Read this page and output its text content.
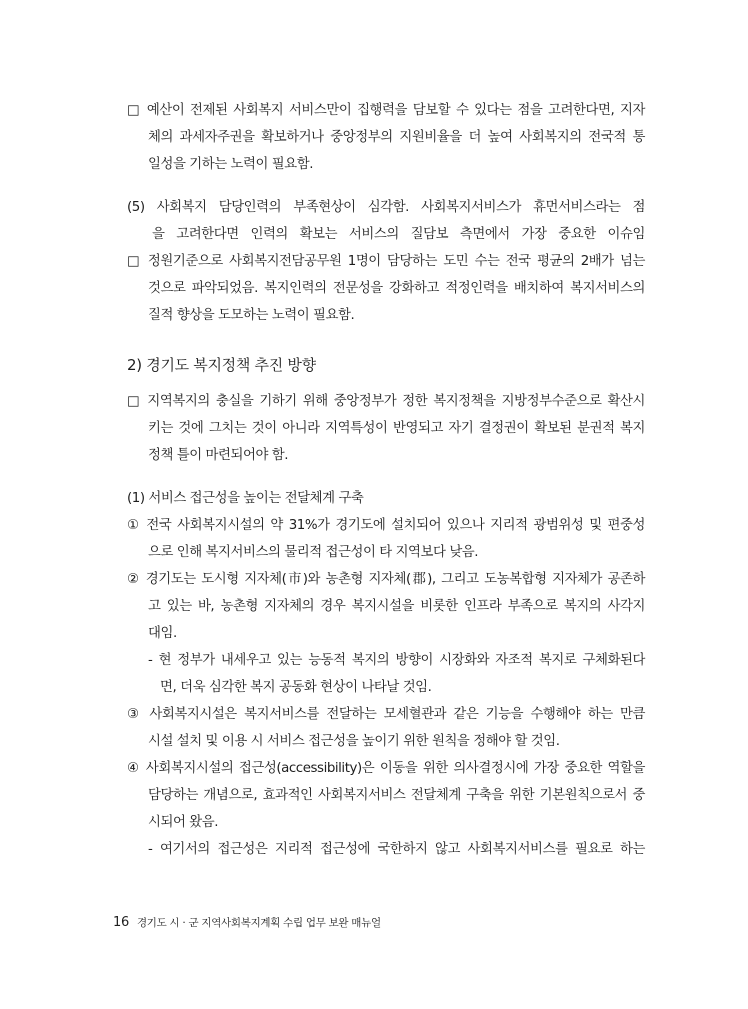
□ 예산이 전제된 사회복지 서비스만이 집행력을 담보할 수 있다는 점을 고려한다면, 지자
체의 과세자주권을 확보하거나 중앙정부의 지원비율을 더 높여 사회복지의 전국적 통
일성을 기하는 노력이 필요함.
(5) 사회복지 담당인력의 부족현상이 심각함. 사회복지서비스가 휴먼서비스라는 점
을 고려한다면 인력의 확보는 서비스의 질담보 측면에서 가장 중요한 이슈임
□ 정원기준으로 사회복지전담공무원 1명이 담당하는 도민 수는 전국 평균의 2배가 넘는
것으로 파악되었음. 복지인력의 전문성을 강화하고 적정인력을 배치하여 복지서비스의
질적 향상을 도모하는 노력이 필요함.
2) 경기도 복지정책 추진 방향
□ 지역복지의 충실을 기하기 위해 중앙정부가 정한 복지정책을 지방정부수준으로 확산시
키는 것에 그치는 것이 아니라 지역특성이 반영되고 자기 결정권이 확보된 분권적 복지
정책 틀이 마련되어야 함.
(1) 서비스 접근성을 높이는 전달체계 구축
① 전국 사회복지시설의 약 31%가 경기도에 설치되어 있으나 지리적 광범위성 및 편중성
으로 인해 복지서비스의 물리적 접근성이 타 지역보다 낮음.
② 경기도는 도시형 지자체(市)와 농촌형 지자체(郡), 그리고 도농복합형 지자체가 공존하
고 있는 바, 농촌형 지자체의 경우 복지시설을 비롯한 인프라 부족으로 복지의 사각지
대임.
- 현 정부가 내세우고 있는 능동적 복지의 방향이 시장화와 자조적 복지로 구체화된다
면, 더욱 심각한 복지 공동화 현상이 나타날 것임.
③ 사회복지시설은 복지서비스를 전달하는 모세혈관과 같은 기능을 수행해야 하는 만큼
시설 설치 및 이용 시 서비스 접근성을 높이기 위한 원칙을 정해야 할 것임.
④ 사회복지시설의 접근성(accessibility)은 이동을 위한 의사결정시에 가장 중요한 역할을
담당하는 개념으로, 효과적인 사회복지서비스 전달체계 구축을 위한 기본원칙으로서 중
시되어 왔음.
- 여기서의 접근성은 지리적 접근성에 국한하지 않고 사회복지서비스를 필요로 하는
16 경기도 시 · 군 지역사회복지계획 수립 업무 보완 매뉴얼
